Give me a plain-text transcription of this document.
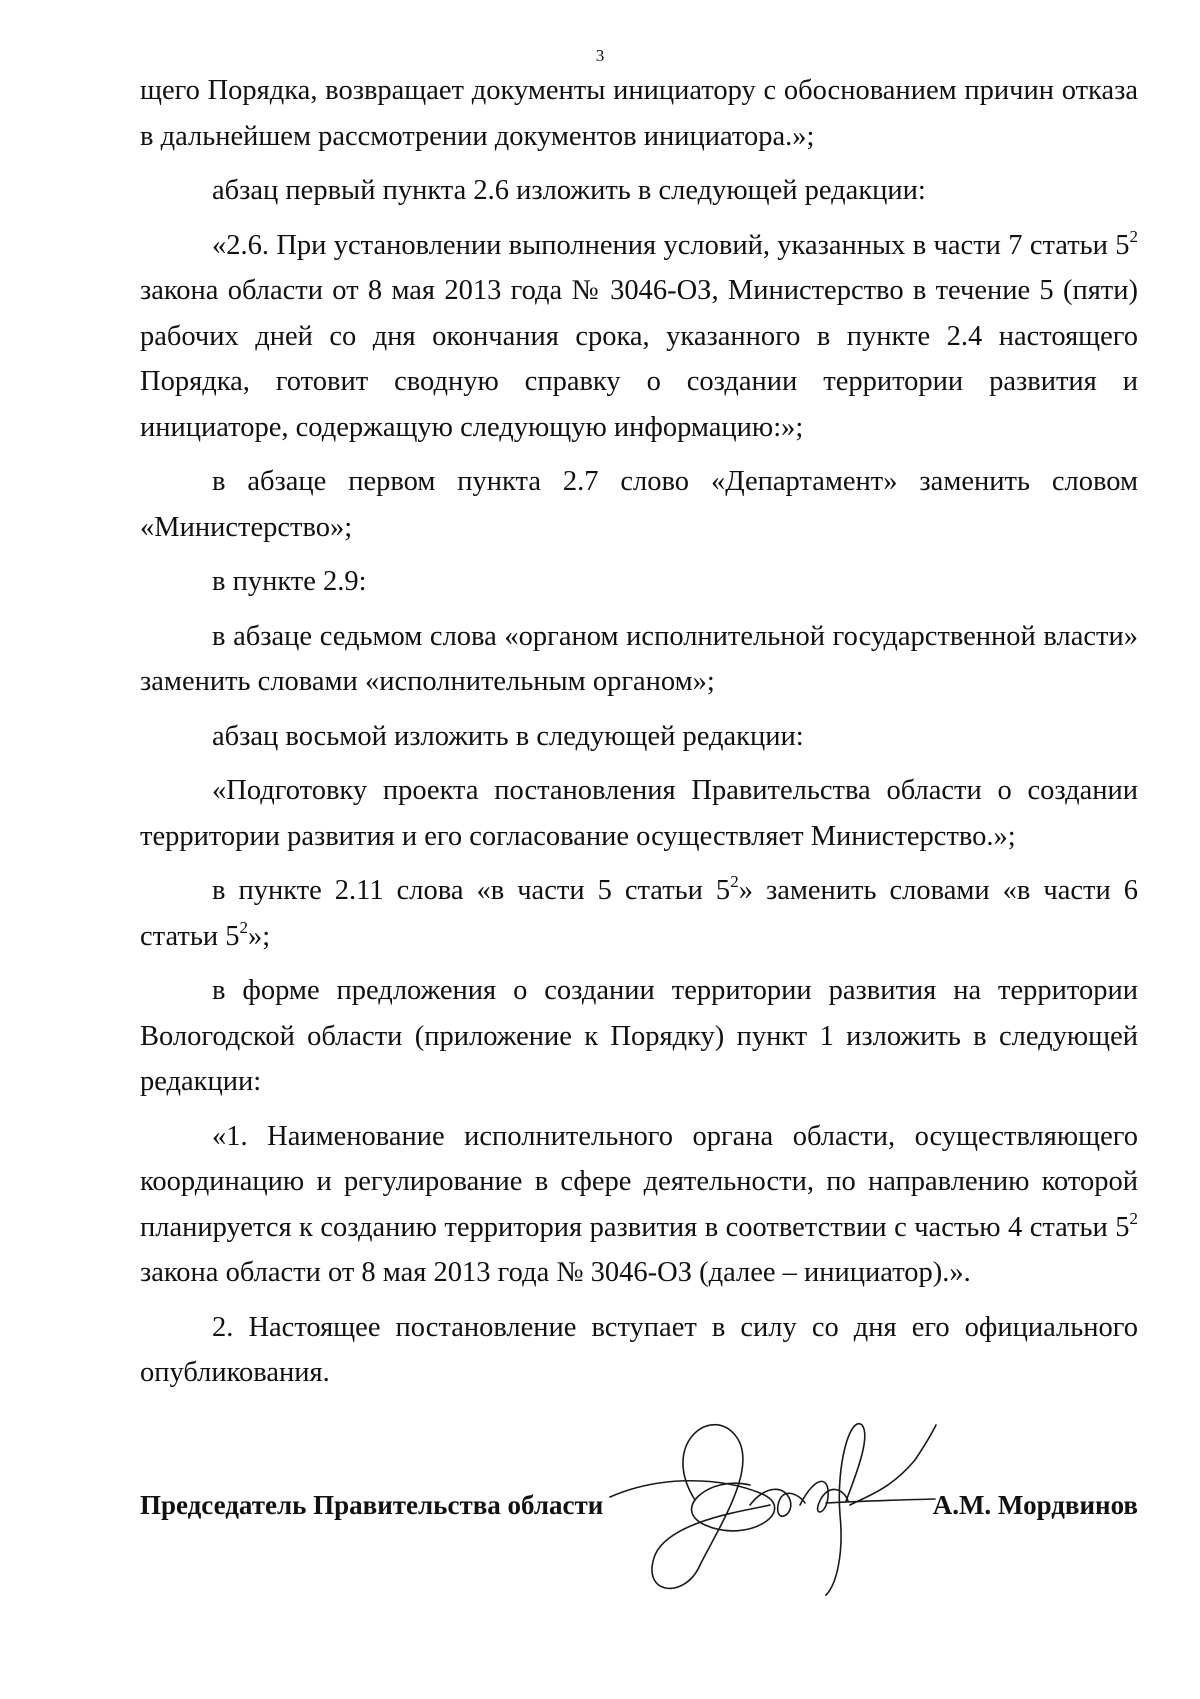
3

щего Порядка, возвращает документы инициатору с обоснованием причин отказа в дальнейшем рассмотрении документов инициатора.»;

абзац первый пункта 2.6 изложить в следующей редакции:

«2.6. При установлении выполнения условий, указанных в части 7 статьи $5^2$ закона области от 8 мая 2013 года № 3046-ОЗ, Министерство в течение 5 (пяти) рабочих дней со дня окончания срока, указанного в пункте 2.4 настоящего Порядка, готовит сводную справку о создании территории развития и инициаторе, содержащую следующую информацию:»;

в абзаце первом пункта 2.7 слово «Департамент» заменить словом «Министерство»;

в пункте 2.9:

в абзаце седьмом слова «органом исполнительной государственной власти» заменить словами «исполнительным органом»;

абзац восьмой изложить в следующей редакции:

«Подготовку проекта постановления Правительства области о создании территории развития и его согласование осуществляет Министерство.»;

в пункте 2.11 слова «в части 5 статьи $5^2$» заменить словами «в части 6 статьи $5^2$»;

в форме предложения о создании территории развития на территории Вологодской области (приложение к Порядку) пункт 1 изложить в следующей редакции:

«1. Наименование исполнительного органа области, осуществляющего координацию и регулирование в сфере деятельности, по направлению которой планируется к созданию территория развития в соответствии с частью 4 статьи $5^2$ закона области от 8 мая 2013 года № 3046-ОЗ (далее – инициатор).».

2. Настоящее постановление вступает в силу со дня его официального опубликования.

Председатель Правительства области	А.М. Мордвинов
